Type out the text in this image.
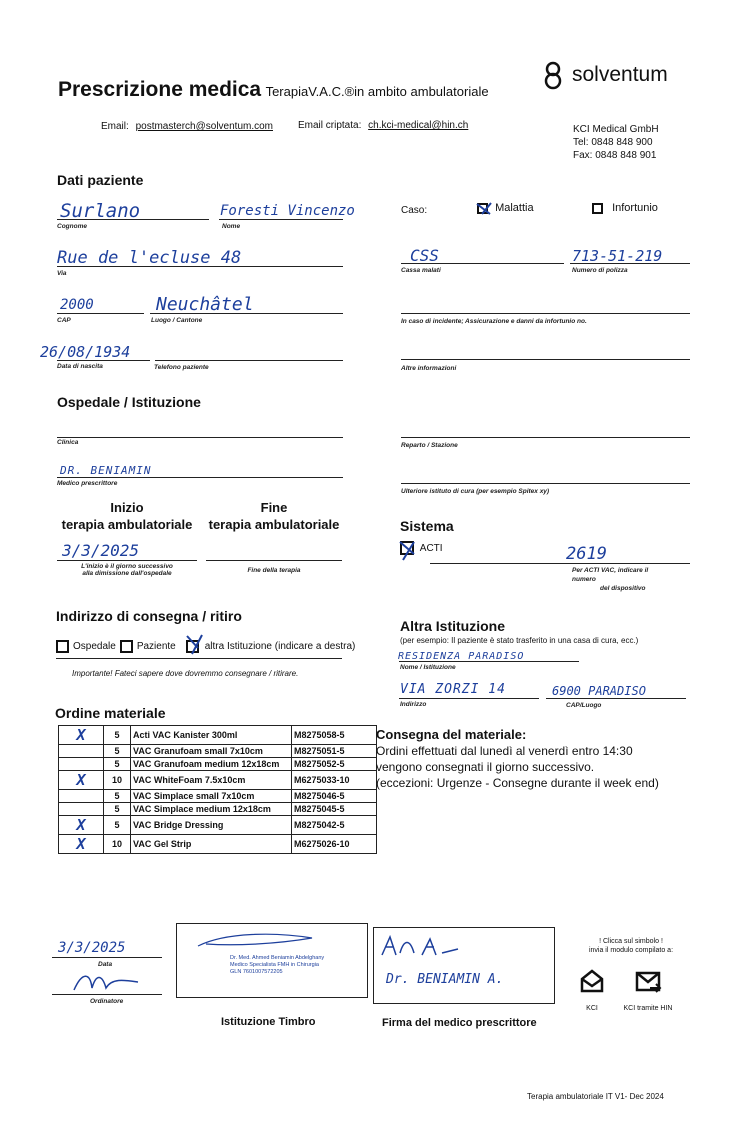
Prescrizione medica TerapiaV.A.C.®in ambito ambulatoriale
solventum
Email: postmasterch@solventum.com	Email criptata: ch.kci-medical@hin.ch	KCI Medical GmbH
Tel: 0848 848 900
Fax: 0848 848 901
Dati paziente
Surlano
Cognome
Foresti Vincenzo
Nome
Rue de l'ecluse 48
Via
2000
CAP
Neuchâtel
Luogo / Cantone
26/08/1934
Data di nascita	Telefono paziente
Caso:	Malattia	Infortunio
CSS
Cassa malati
713-51-219
Numero di polizza
In caso di incidente; Assicurazione e danni da infortunio no.
Altre informazioni
Ospedale / Istituzione
Clinica	Reparto / Stazione
DR. BENIAMIN
Medico prescrittore
Ulteriore istituto di cura (per esempio Spitex xy)
Inizio
terapia ambulatoriale
Fine
terapia ambulatoriale
3/3/2025
L'inizio è il giorno successivo
alla dimissione dall'ospedale	Fine della terapia
Sistema
ACTI	2619
Per ACTI VAC, indicare il
numero
del dispositivo
Indirizzo di consegna / ritiro
Ospedale Paziente	altra Istituzione (indicare a destra)
Importante! Fateci sapere dove dovremmo consegnare / ritirare.
Altra Istituzione
(per esempio: Il paziente è stato trasferito in una casa di cura, ecc.)
RESIDENZA PARADISO
Nome / Istituzione
VIA ZORZI 14
Indirizzo
6900 PARADISO
CAP/Luogo
Ordine materiale
X	5	Acti VAC Kanister 300ml	M8275058-5
	5	VAC Granufoam small 7x10cm	M8275051-5
	5	VAC Granufoam medium 12x18cm	M8275052-5
X	10	VAC WhiteFoam 7.5x10cm	M6275033-10
	5	VAC Simplace small 7x10cm	M8275046-5
	5	VAC Simplace medium 12x18cm	M8275045-5
X	5	VAC Bridge Dressing	M8275042-5
X	10	VAC Gel Strip	M6275026-10
Consegna del materiale:
Ordini effettuati dal lunedì al venerdì entro 14:30
vengono consegnati il giorno successivo.
(eccezioni: Urgenze - Consegne durante il week end)
3/3/2025
Data
Ordinatore
Dr. Med. Ahmed Beniamin Abdelghany
Medico Specialista FMH in Chirurgia
GLN 7601007572205
Istituzione Timbro
Dr. BENIAMIN A.
Firma del medico prescrittore
! Clicca sul simbolo !
invia il modulo compilato a:
KCI	KCI tramite HIN
Terapia ambulatoriale IT V1- Dec 2024
